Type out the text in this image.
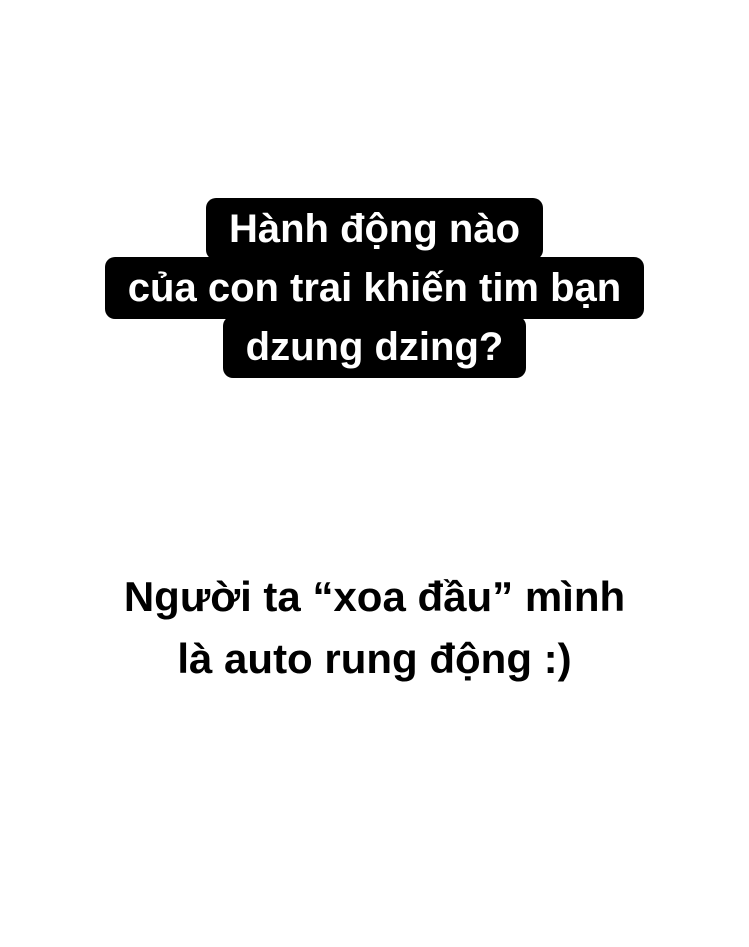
Hành động nào
của con trai khiến tim bạn
dzung dzing?
Người ta “xoa đầu” mình
là auto rung động :)
